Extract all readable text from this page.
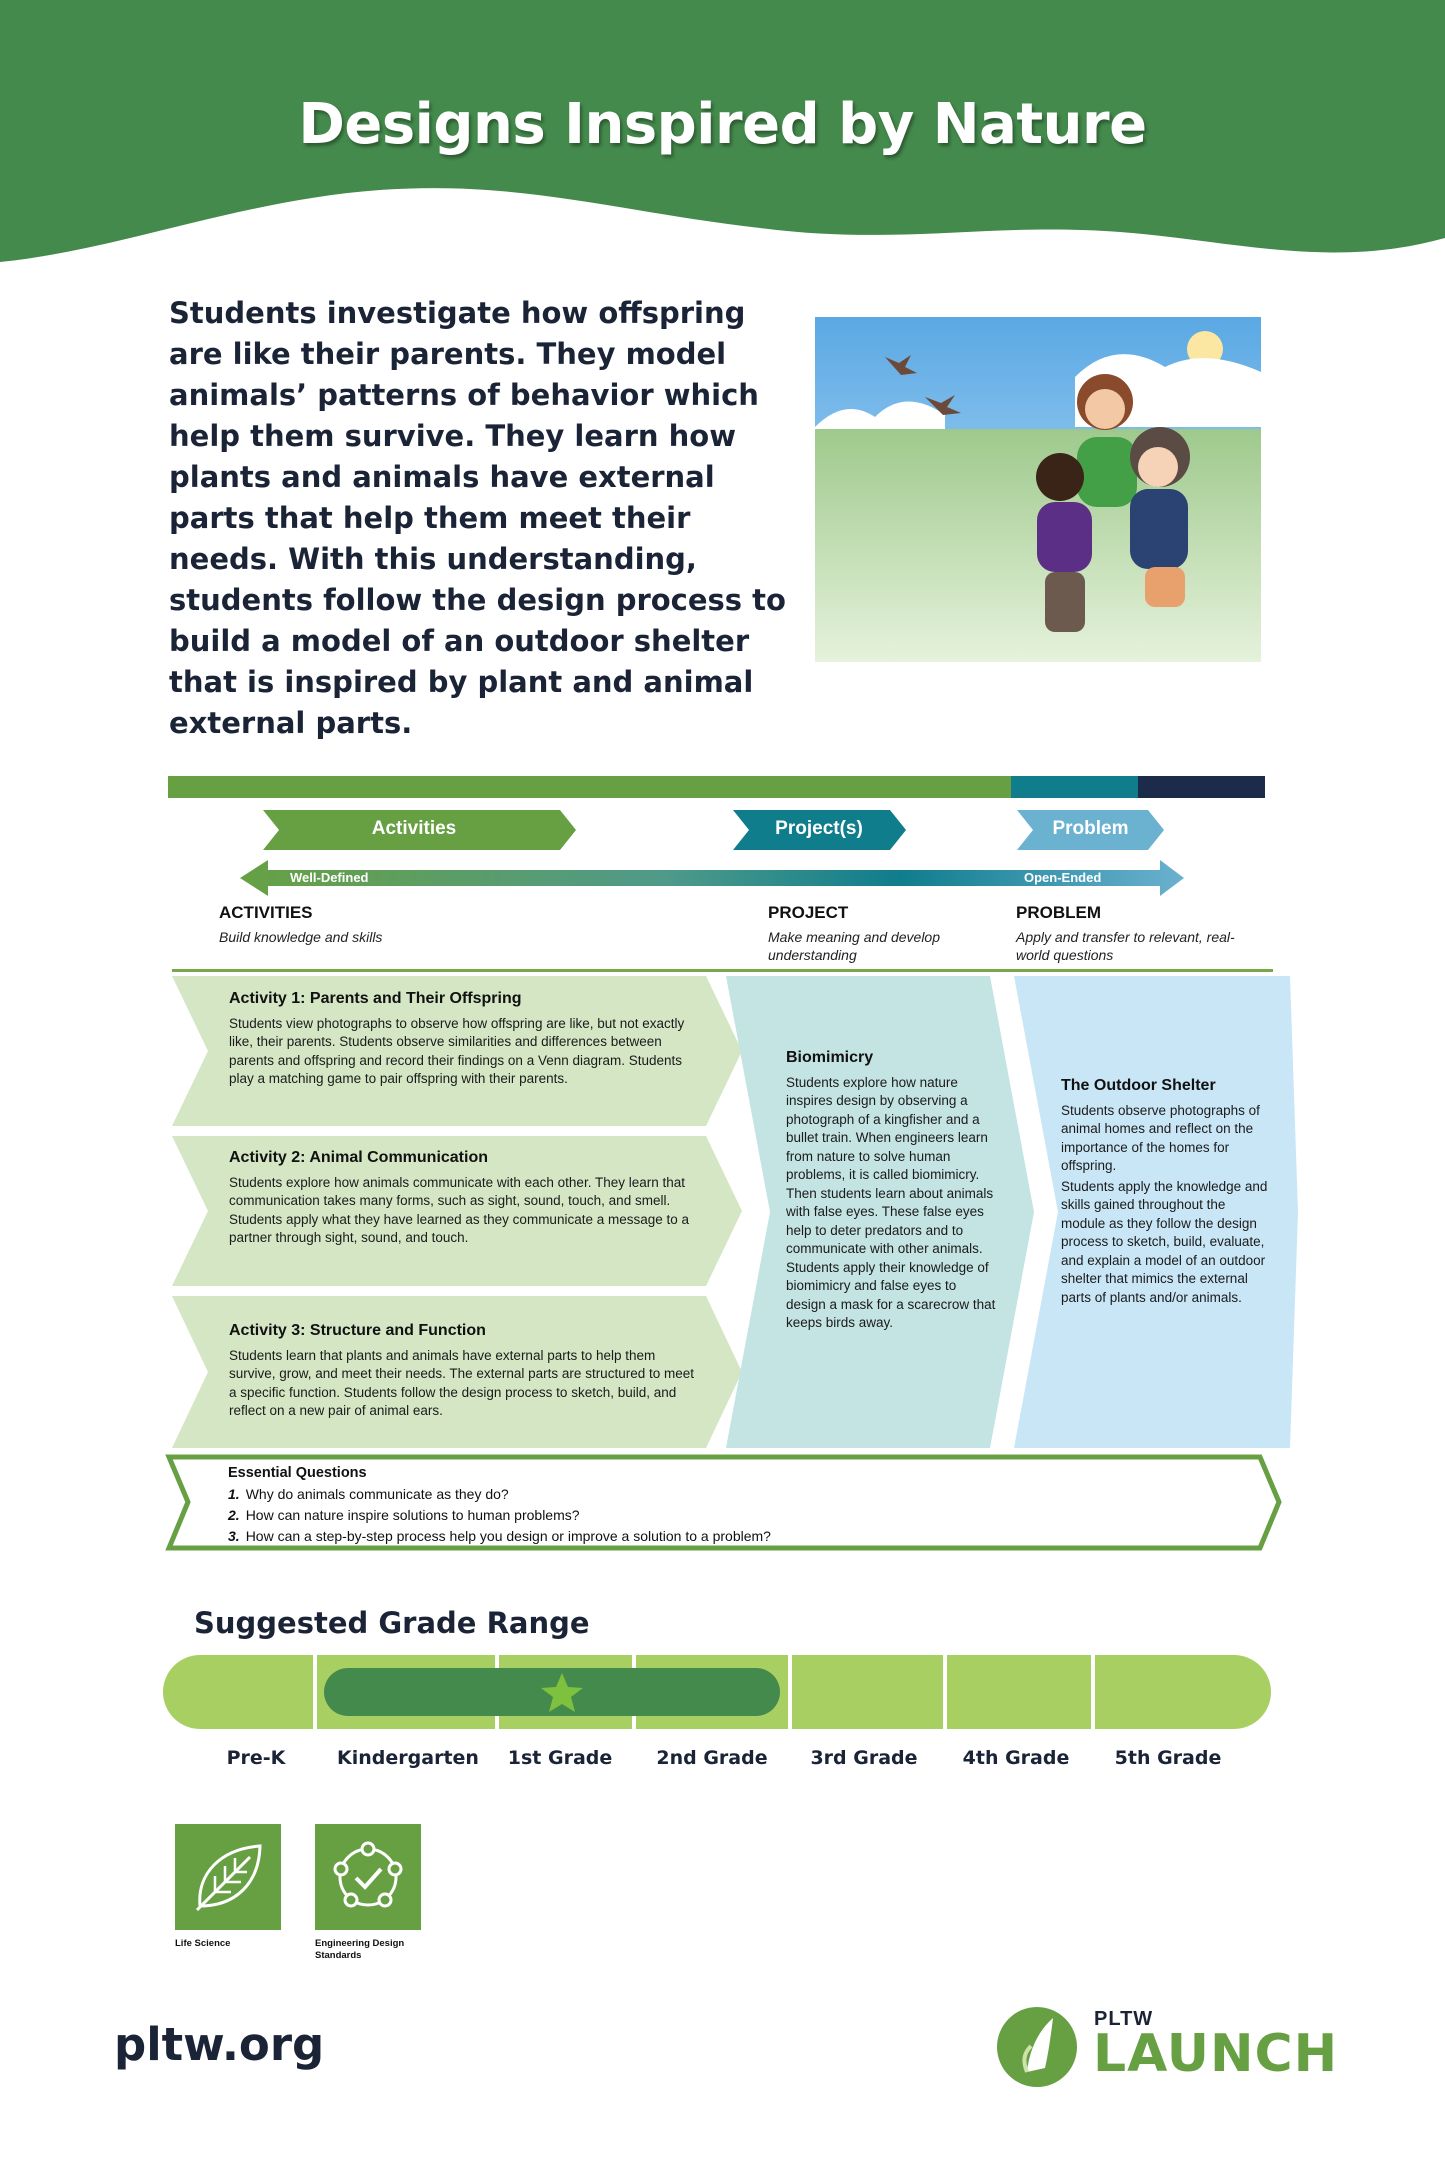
Designs Inspired by Nature
Students investigate how offspring are like their parents. They model animals’ patterns of behavior which help them survive. They learn how plants and animals have external parts that help them meet their needs. With this understanding, students follow the design process to build a model of an outdoor shelter that is inspired by plant and animal external parts.
Activities	Project(s)	Problem
Well-Defined	Open-Ended
ACTIVITIES
Build knowledge and skills
PROJECT
Make meaning and develop understanding
PROBLEM
Apply and transfer to relevant, real-world questions
Activity 1: Parents and Their Offspring
Students view photographs to observe how offspring are like, but not exactly like, their parents. Students observe similarities and differences between parents and offspring and record their findings on a Venn diagram. Students play a matching game to pair offspring with their parents.
Activity 2: Animal Communication
Students explore how animals communicate with each other. They learn that communication takes many forms, such as sight, sound, touch, and smell. Students apply what they have learned as they communicate a message to a partner through sight, sound, and touch.
Activity 3: Structure and Function
Students learn that plants and animals have external parts to help them survive, grow, and meet their needs. The external parts are structured to meet a specific function. Students follow the design process to sketch, build, and reflect on a new pair of animal ears.
Biomimicry
Students explore how nature inspires design by observing a photograph of a kingfisher and a bullet train. When engineers learn from nature to solve human problems, it is called biomimicry. Then students learn about animals with false eyes. These false eyes help to deter predators and to communicate with other animals. Students apply their knowledge of biomimicry and false eyes to design a mask for a scarecrow that keeps birds away.
The Outdoor Shelter
Students observe photographs of animal homes and reflect on the importance of the homes for offspring.
Students apply the knowledge and skills gained throughout the module as they follow the design process to sketch, build, evaluate, and explain a model of an outdoor shelter that mimics the external parts of plants and/or animals.
Essential Questions
1. Why do animals communicate as they do?
2. How can nature inspire solutions to human problems?
3. How can a step-by-step process help you design or improve a solution to a problem?
Suggested Grade Range
Pre-K	Kindergarten	1st Grade	2nd Grade	3rd Grade	4th Grade	5th Grade
Life Science	Engineering Design Standards
pltw.org	PLTW
LAUNCH
